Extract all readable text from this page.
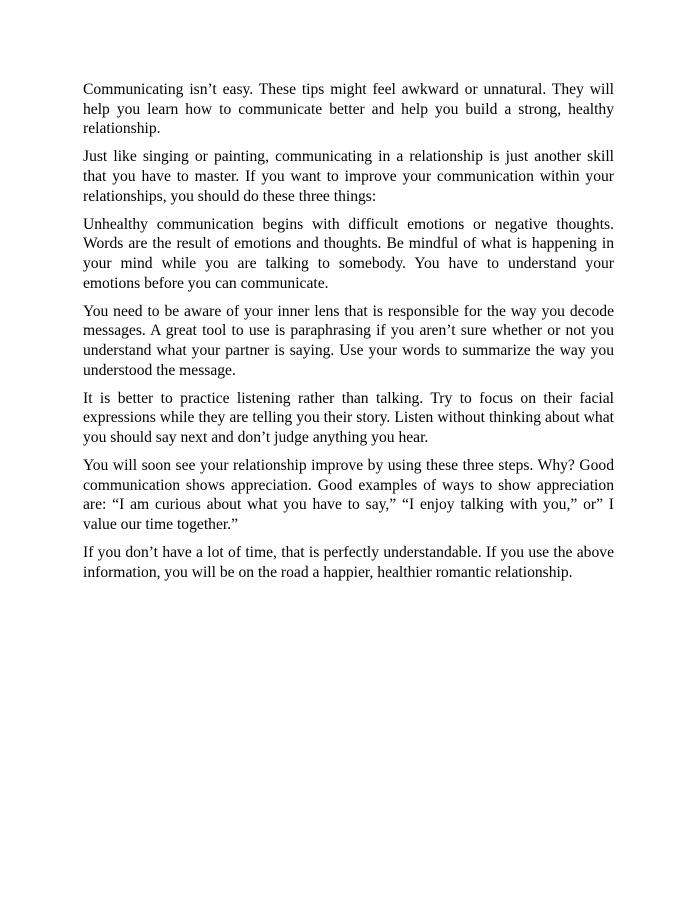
Communicating isn’t easy. These tips might feel awkward or unnatural. They will help you learn how to communicate better and help you build a strong, healthy relationship.

Just like singing or painting, communicating in a relationship is just another skill that you have to master. If you want to improve your communication within your relationships, you should do these three things:

Unhealthy communication begins with difficult emotions or negative thoughts. Words are the result of emotions and thoughts. Be mindful of what is happening in your mind while you are talking to somebody. You have to understand your emotions before you can communicate.

You need to be aware of your inner lens that is responsible for the way you decode messages. A great tool to use is paraphrasing if you aren’t sure whether or not you understand what your partner is saying. Use your words to summarize the way you understood the message.

It is better to practice listening rather than talking. Try to focus on their facial expressions while they are telling you their story. Listen without thinking about what you should say next and don’t judge anything you hear.

You will soon see your relationship improve by using these three steps. Why? Good communication shows appreciation. Good examples of ways to show appreciation are: “I am curious about what you have to say,” “I enjoy talking with you,” or” I value our time together.”

If you don’t have a lot of time, that is perfectly understandable. If you use the above information, you will be on the road a happier, healthier romantic relationship.
